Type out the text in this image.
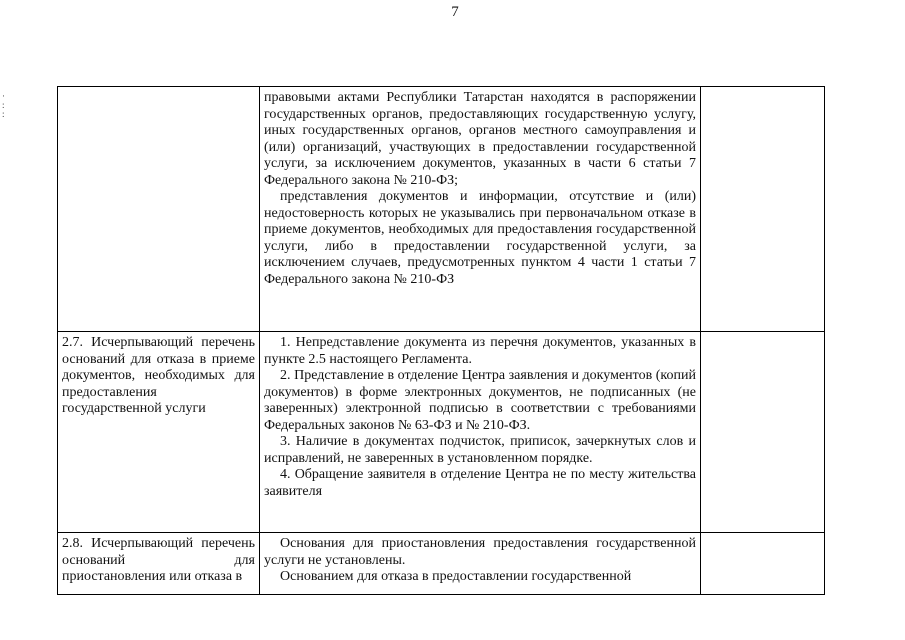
7
·
:
:

	правовыми актами Республики Татарстан находятся в распоряжении государственных органов, предоставляющих государственную услугу, иных государственных органов, органов местного самоуправления и (или) организаций, участвующих в предоставлении государственной услуги, за исключением документов, указанных в части 6 статьи 7 Федерального закона № 210-ФЗ;

представления документов и информации, отсутствие и (или) недостоверность которых не указывались при первоначальном отказе в приеме документов, необходимых для предоставления государственной услуги, либо в предоставлении государственной услуги, за исключением случаев, предусмотренных пунктом 4 части 1 статьи 7 Федерального закона № 210-ФЗ	

2.7. Исчерпывающий перечень оснований для отказа в приеме документов, необходимых для предоставления государственной услуги	1. Непредставление документа из перечня документов, указанных в пункте 2.5 настоящего Регламента.

2. Представление в отделение Центра заявления и документов (копий документов) в форме электронных документов, не подписанных (не заверенных) электронной подписью в соответствии с требованиями Федеральных законов № 63-ФЗ и № 210-ФЗ.

3. Наличие в документах подчисток, приписок, зачеркнутых слов и исправлений, не заверенных в установленном порядке.

4. Обращение заявителя в отделение Центра не по месту жительства заявителя	

2.8. Исчерпывающий перечень оснований для приостановления или отказа в	Основания для приостановления предоставления государственной услуги не установлены.

Основанием для отказа в предоставлении государственной	
